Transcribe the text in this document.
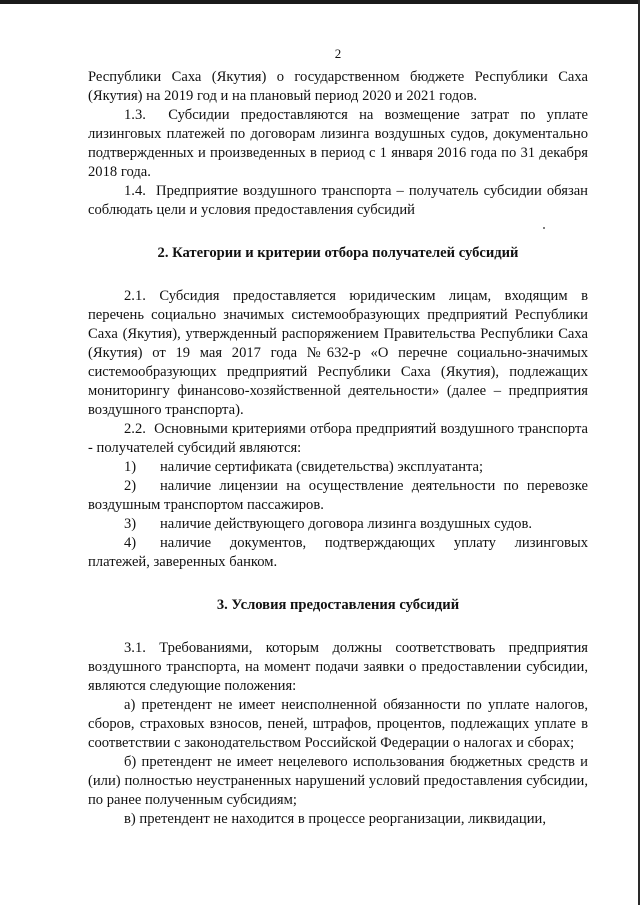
2

Республики Саха (Якутия) о государственном бюджете Республики Саха (Якутия) на 2019 год и на плановый период 2020 и 2021 годов.

1.3.  Субсидии предоставляются на возмещение затрат по уплате лизинговых платежей по договорам лизинга воздушных судов, документально подтвержденных и произведенных в период с 1 января 2016 года по 31 декабря 2018 года.

1.4.  Предприятие воздушного транспорта – получатель субсидии обязан соблюдать цели и условия предоставления субсидий

2. Категории и критерии отбора получателей субсидий

2.1. Субсидия предоставляется юридическим лицам, входящим в перечень социально значимых системообразующих предприятий Республики Саха (Якутия), утвержденный распоряжением Правительства Республики Саха (Якутия) от 19 мая 2017 года №632-р «О перечне социально-значимых системообразующих предприятий Республики Саха (Якутия), подлежащих мониторингу финансово-хозяйственной деятельности» (далее – предприятия воздушного транспорта).

2.2.  Основными критериями отбора предприятий воздушного транспорта - получателей субсидий являются:

1) наличие сертификата (свидетельства) эксплуатанта;

2) наличие лицензии на осуществление деятельности по перевозке воздушным транспортом пассажиров.

3) наличие действующего договора лизинга воздушных судов.

4) наличие документов, подтверждающих уплату лизинговых платежей, заверенных банком.

3. Условия предоставления субсидий

3.1. Требованиями, которым должны соответствовать предприятия воздушного транспорта, на момент подачи заявки о предоставлении субсидии, являются следующие положения:

а) претендент не имеет неисполненной обязанности по уплате налогов, сборов, страховых взносов, пеней, штрафов, процентов, подлежащих уплате в соответствии с законодательством Российской Федерации о налогах и сборах;

б) претендент не имеет нецелевого использования бюджетных средств и (или) полностью неустраненных нарушений условий предоставления субсидии, по ранее полученным субсидиям;

в) претендент не находится в процессе реорганизации, ликвидации,
